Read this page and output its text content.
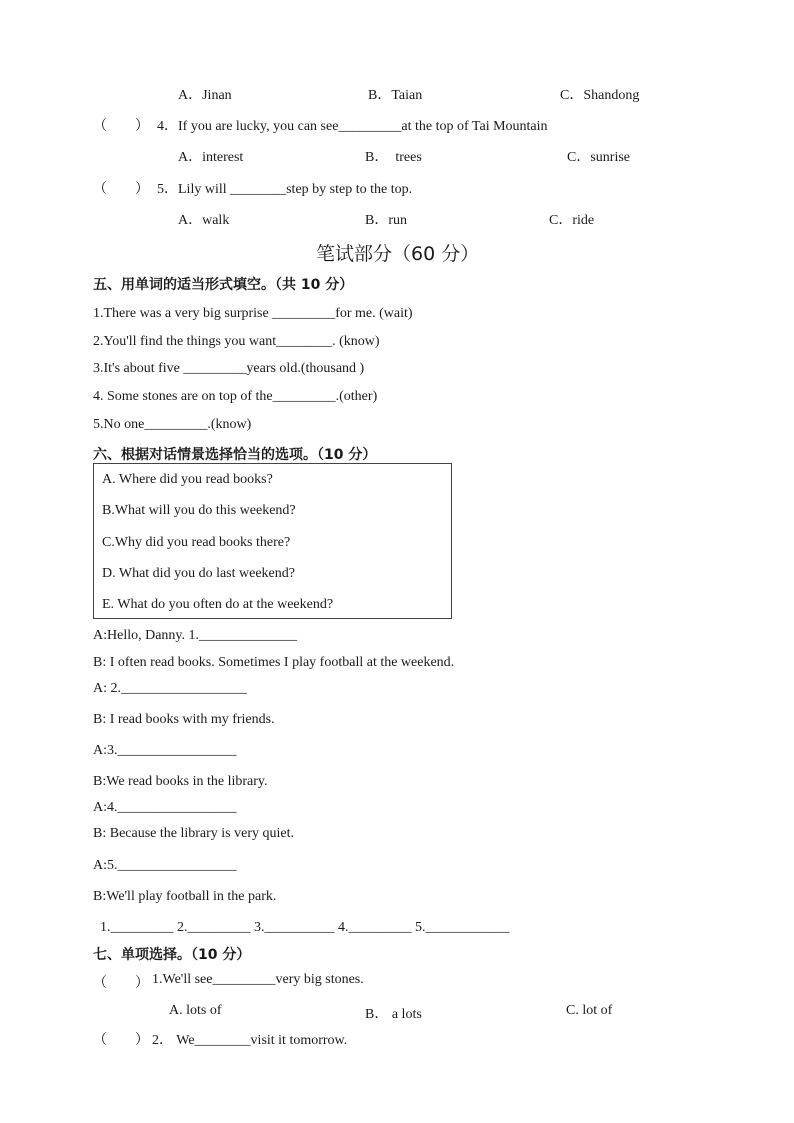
A．Jinan	B．Taian	C．Shandong
（　　） 4．If you are lucky, you can see_________at the top of Tai Mountain
A．interest	B．　trees	C．sunrise
（　　） 5．Lily will ________step by step to the top.
A．walk	B．run	C．ride
笔试部分（60 分）
五、用单词的适当形式填空。（共 10 分）
1.There was a very big surprise _________for me. (wait)
2.You'll find the things you want________. (know)
3.It's about five _________years old.(thousand )
4. Some stones are on top of the_________.(other)
5.No one_________.(know)
六、根据对话情景选择恰当的选项。（10 分）
A. Where did you read books?
B.What will you do this weekend?
C.Why did you read books there?
D. What did you do last weekend?
E. What do you often do at the weekend?
A:Hello, Danny. 1.______________
B: I often read books. Sometimes I play football at the weekend.
A: 2.__________________
B: I read books with my friends.
A:3._________________
B:We read books in the library.
A:4._________________
B: Because the library is very quiet.
A:5._________________
B:We'll play football in the park.
1._________ 2._________ 3.__________ 4._________ 5.____________
七、单项选择。（10 分）
（　　） 1.We'll see_________very big stones.
A. lots of	B． a lots	C. lot of
（　　） 2． We________visit it tomorrow.
